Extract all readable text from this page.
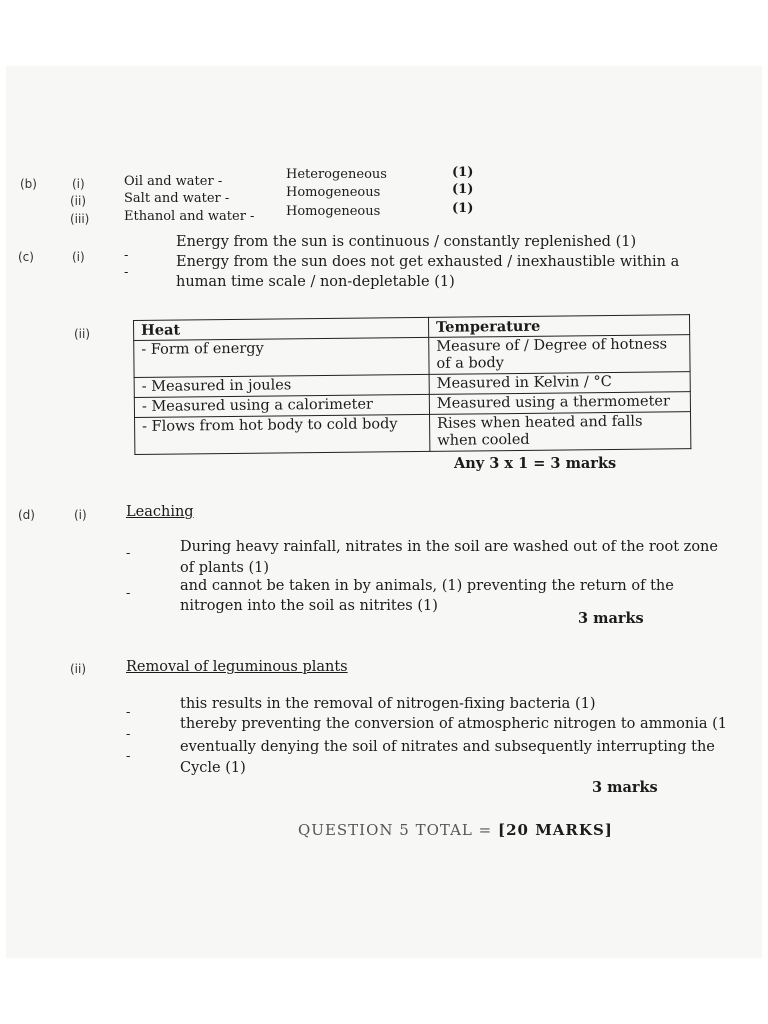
(b)	(i)	Oil and water -	Heterogeneous	(1)
(ii)	Salt and water -	Homogeneous	(1)
(iii)	Ethanol and water - Homogeneous	(1)
(c)	(i)	-
Energy from the sun is continuous / constantly replenished (1)
-
Energy from the sun does not get exhausted / inexhaustible within a
human time scale / non-depletable (1)
(ii)	Heat	Temperature
- Form of energy	Measure of / Degree of hotness of a body
- Measured in joules	Measured in Kelvin / °C
- Measured using a calorimeter	Measured using a thermometer
- Flows from hot body to cold body	Rises when heated and falls when cooled
Any 3 x 1 = 3 marks
(d)	(i)	Leaching
-	During heavy rainfall, nitrates in the soil are washed out of the root zone
of plants (1)
-	and cannot be taken in by animals, (1) preventing the return of the
nitrogen into the soil as nitrites (1)
3 marks
(ii)	Removal of leguminous plants
-
this results in the removal of nitrogen-fixing bacteria (1)
-
thereby preventing the conversion of atmospheric nitrogen to ammonia (1
-
eventually denying the soil of nitrates and subsequently interrupting the
Cycle (1)
3 marks
QUESTION 5 TOTAL = [20 MARKS]
